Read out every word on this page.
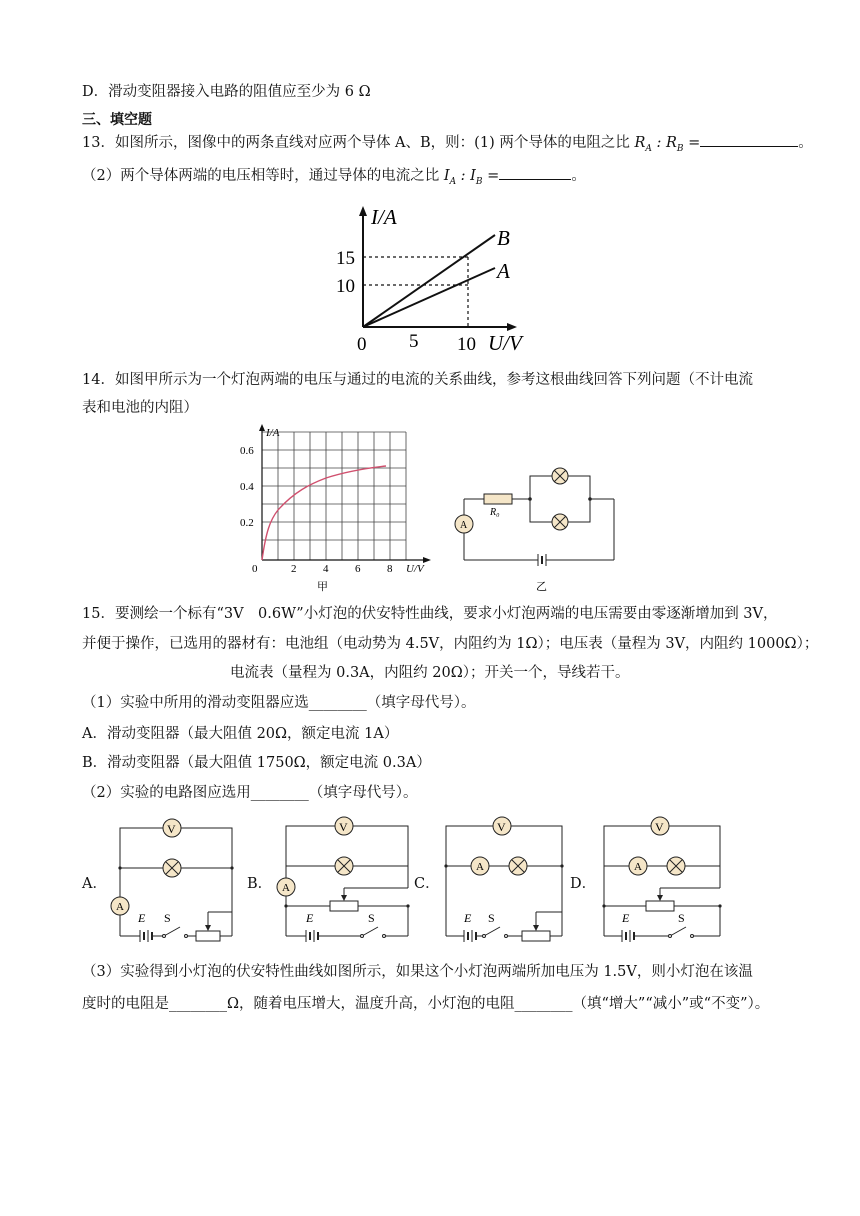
D．滑动变阻器接入电路的阻值应至少为 6 Ω
三、填空题
13．如图所示，图像中的两条直线对应两个导体 A、B，则：(1) 两个导体的电阻之比 $R_A$ : $R_B$ =	。
（2）两个导体两端的电压相等时，通过导体的电流之比 $I_A$ : $I_B$ =	。
I/A
15
10
0 5 10 U/V
B
A
14．如图甲所示为一个灯泡两端的电压与通过的电流的关系曲线，参考这根曲线回答下列问题（不计电流
表和电池的内阻）
I/A
0.6
0.4
0.2
0	2 4 6 8 U/V
甲
R₀
A
乙
15．要测绘一个标有“3V　0.6W”小灯泡的伏安特性曲线，要求小灯泡两端的电压需要由零逐渐增加到 3V，
并便于操作，已选用的器材有：电池组（电动势为 4.5V，内阻约为 1Ω）；电压表（量程为 3V，内阻约 1000Ω）；
电流表（量程为 0.3A，内阻约 20Ω）；开关一个，导线若干。
（1）实验中所用的滑动变阻器应选________（填字母代号）。
A．滑动变阻器（最大阻值 20Ω，额定电流 1A）
B．滑动变阻器（最大阻值 1750Ω，额定电流 0.3A）
（2）实验的电路图应选用________（填字母代号）。
A．	B．	C．	D．
V
A
E S
V
A
E	S
V
A
E S
V
A
E	S
（3）实验得到小灯泡的伏安特性曲线如图所示，如果这个小灯泡两端所加电压为 1.5V，则小灯泡在该温
度时的电阻是________Ω，随着电压增大，温度升高，小灯泡的电阻________（填“增大”“减小”或“不变”）。
